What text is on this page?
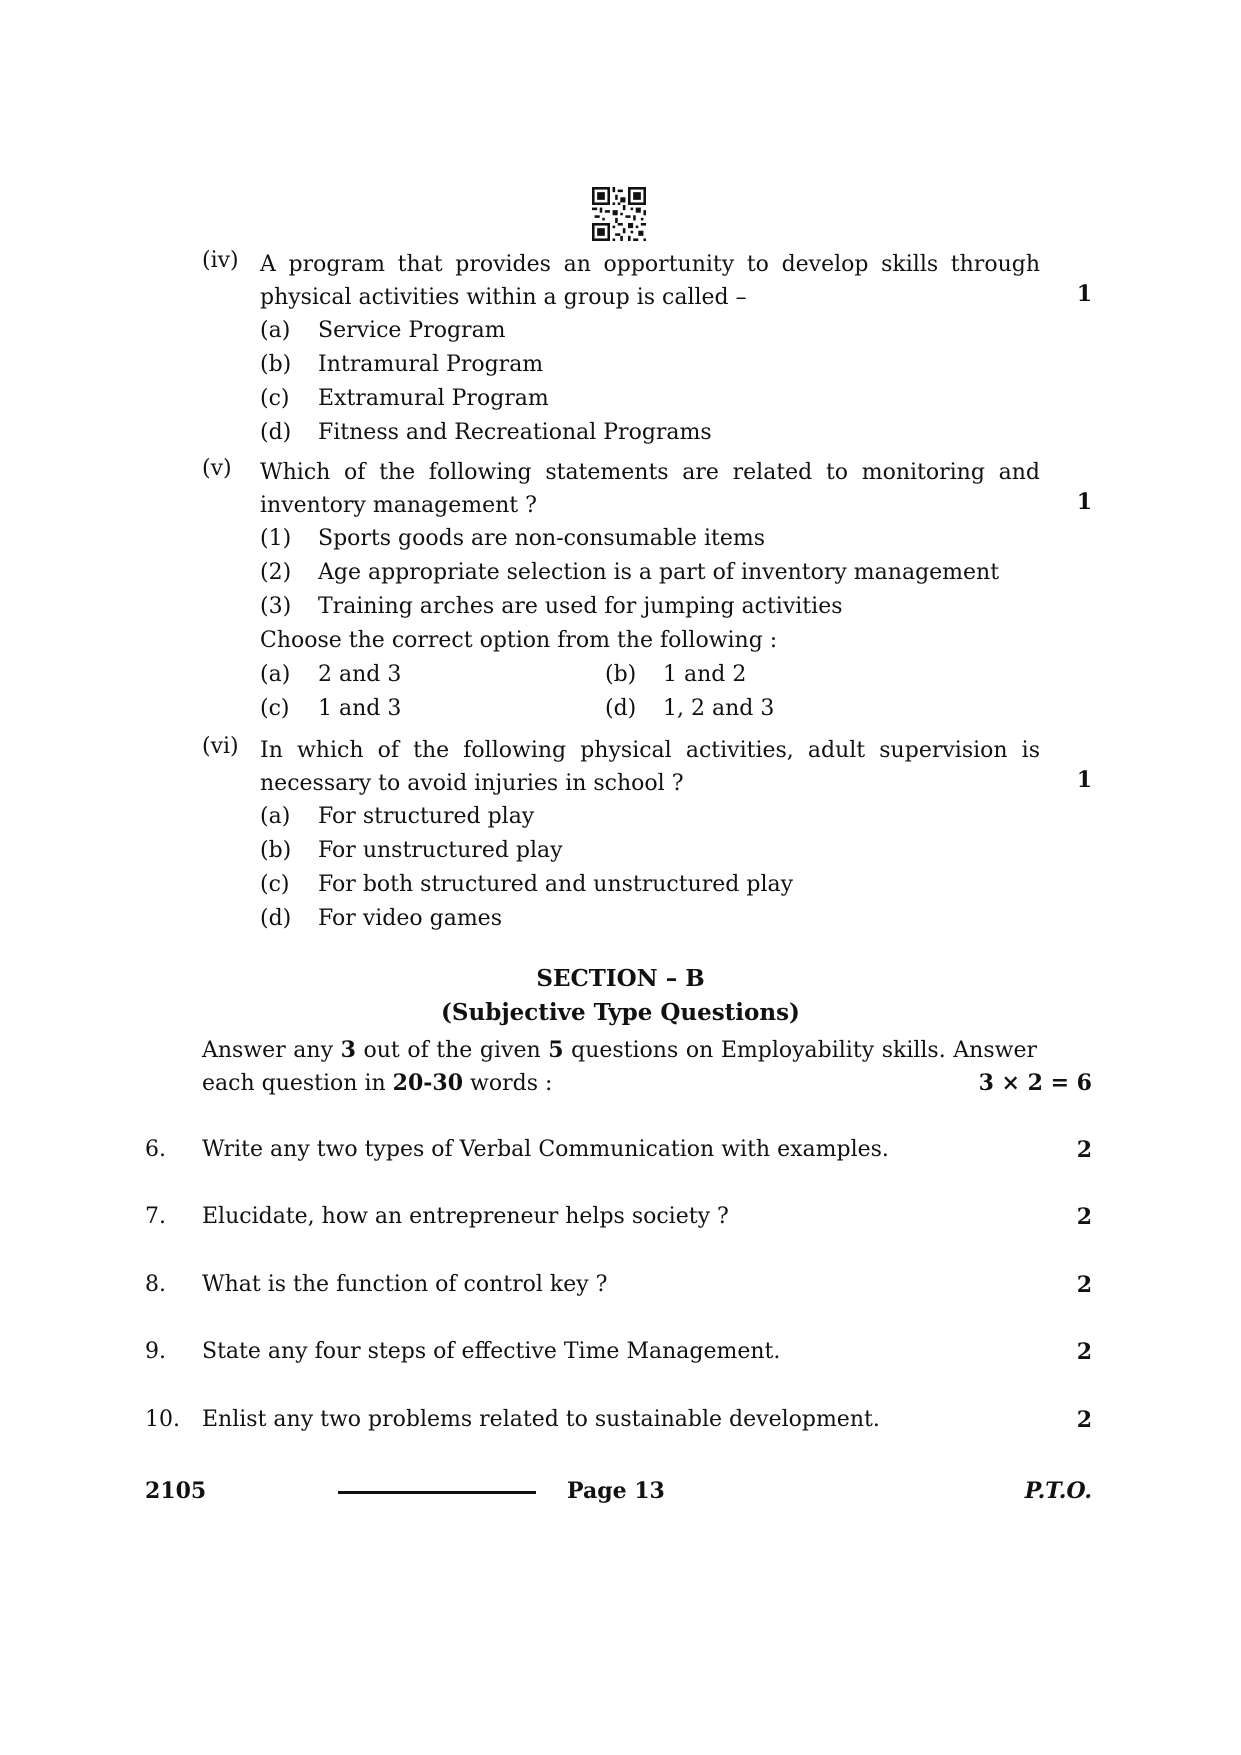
(iv) A program that provides an opportunity to develop skills through physical activities within a group is called –	1
(a) Service Program
(b) Intramural Program
(c) Extramural Program
(d) Fitness and Recreational Programs
(v) Which of the following statements are related to monitoring and inventory management ?	1
(1) Sports goods are non-consumable items
(2) Age appropriate selection is a part of inventory management
(3) Training arches are used for jumping activities
Choose the correct option from the following :
(a) 2 and 3	(b) 1 and 2
(c) 1 and 3	(d) 1, 2 and 3
(vi) In which of the following physical activities, adult supervision is necessary to avoid injuries in school ?	1
(a) For structured play
(b) For unstructured play
(c) For both structured and unstructured play
(d) For video games
SECTION – B
(Subjective Type Questions)
Answer any 3 out of the given 5 questions on Employability skills. Answer each question in 20-30 words :	3 × 2 = 6
6. Write any two types of Verbal Communication with examples.	2
7. Elucidate, how an entrepreneur helps society ?	2
8. What is the function of control key ?	2
9. State any four steps of effective Time Management.	2
10. Enlist any two problems related to sustainable development.	2
2105	Page 13	P.T.O.
